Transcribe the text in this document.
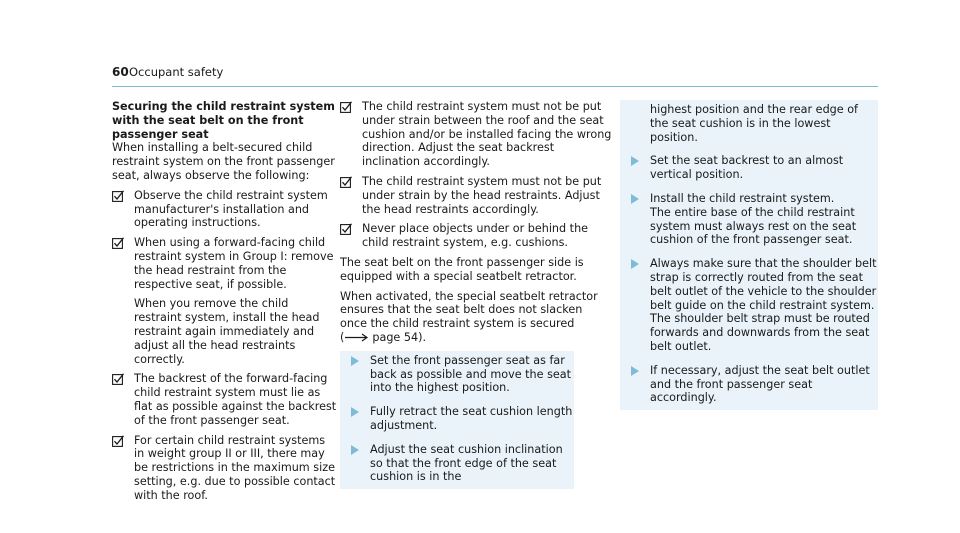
60 Occupant safety

Securing the child restraint system with the seat belt on the front passenger seat

When installing a belt-secured child restraint system on the front passenger seat, always observe the following:

Observe the child restraint system manufacturer's installation and operating instructions.
When using a forward-facing child restraint system in Group I: remove the head restraint from the respective seat, if possible.
When you remove the child restraint system, install the head restraint again immediately and adjust all the head restraints correctly.
The backrest of the forward-facing child restraint system must lie as flat as possible against the backrest of the front passenger seat.
For certain child restraint systems in weight group II or III, there may be restrictions in the maximum size setting, e.g. due to possible contact with the roof.
The child restraint system must not be put under strain between the roof and the seat cushion and/or be installed facing the wrong direction. Adjust the seat backrest inclination accordingly.
The child restraint system must not be put under strain by the head restraints. Adjust the head restraints accordingly.
Never place objects under or behind the child restraint system, e.g. cushions.

The seat belt on the front passenger side is equipped with a special seatbelt retractor.

When activated, the special seatbelt retractor ensures that the seat belt does not slacken once the child restraint system is secured
(	page 54).

Set the front passenger seat as far back as possible and move the seat into the highest position.
Fully retract the seat cushion length adjustment.
Adjust the seat cushion inclination so that the front edge of the seat cushion is in the
highest position and the rear edge of the seat cushion is in the lowest position.
Set the seat backrest to an almost vertical position.
Install the child restraint system.
The entire base of the child restraint system must always rest on the seat cushion of the front passenger seat.
Always make sure that the shoulder belt strap is correctly routed from the seat belt outlet of the vehicle to the shoulder belt guide on the child restraint system.
The shoulder belt strap must be routed forwards and downwards from the seat belt outlet.
If necessary, adjust the seat belt outlet and the front passenger seat accordingly.
